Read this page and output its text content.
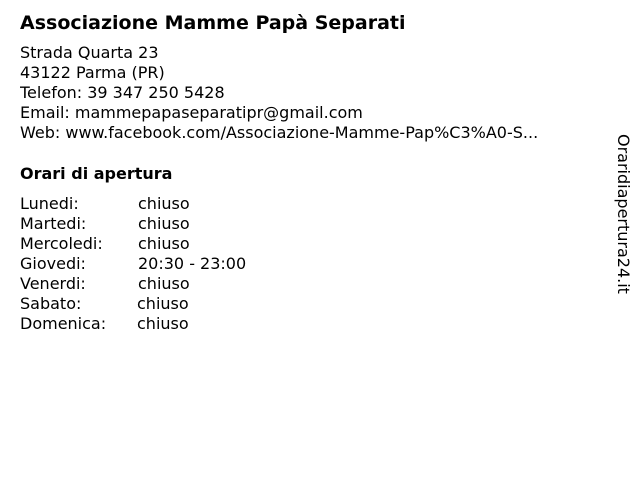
Associazione Mamme Papà Separati
Strada Quarta 23
43122 Parma (PR)
Telefon: 39 347 250 5428
Email: mammepapaseparatipr@gmail.com
Web: www.facebook.com/Associazione-Mamme-Pap%C3%A0-S...
Orari di apertura
Lunedi:	chiuso
Martedi:	chiuso
Mercoledi: chiuso
Giovedi:	20:30 - 23:00
Venerdi:	chiuso
Sabato:	chiuso
Domenica: chiuso
Oraridiapertura24.it
